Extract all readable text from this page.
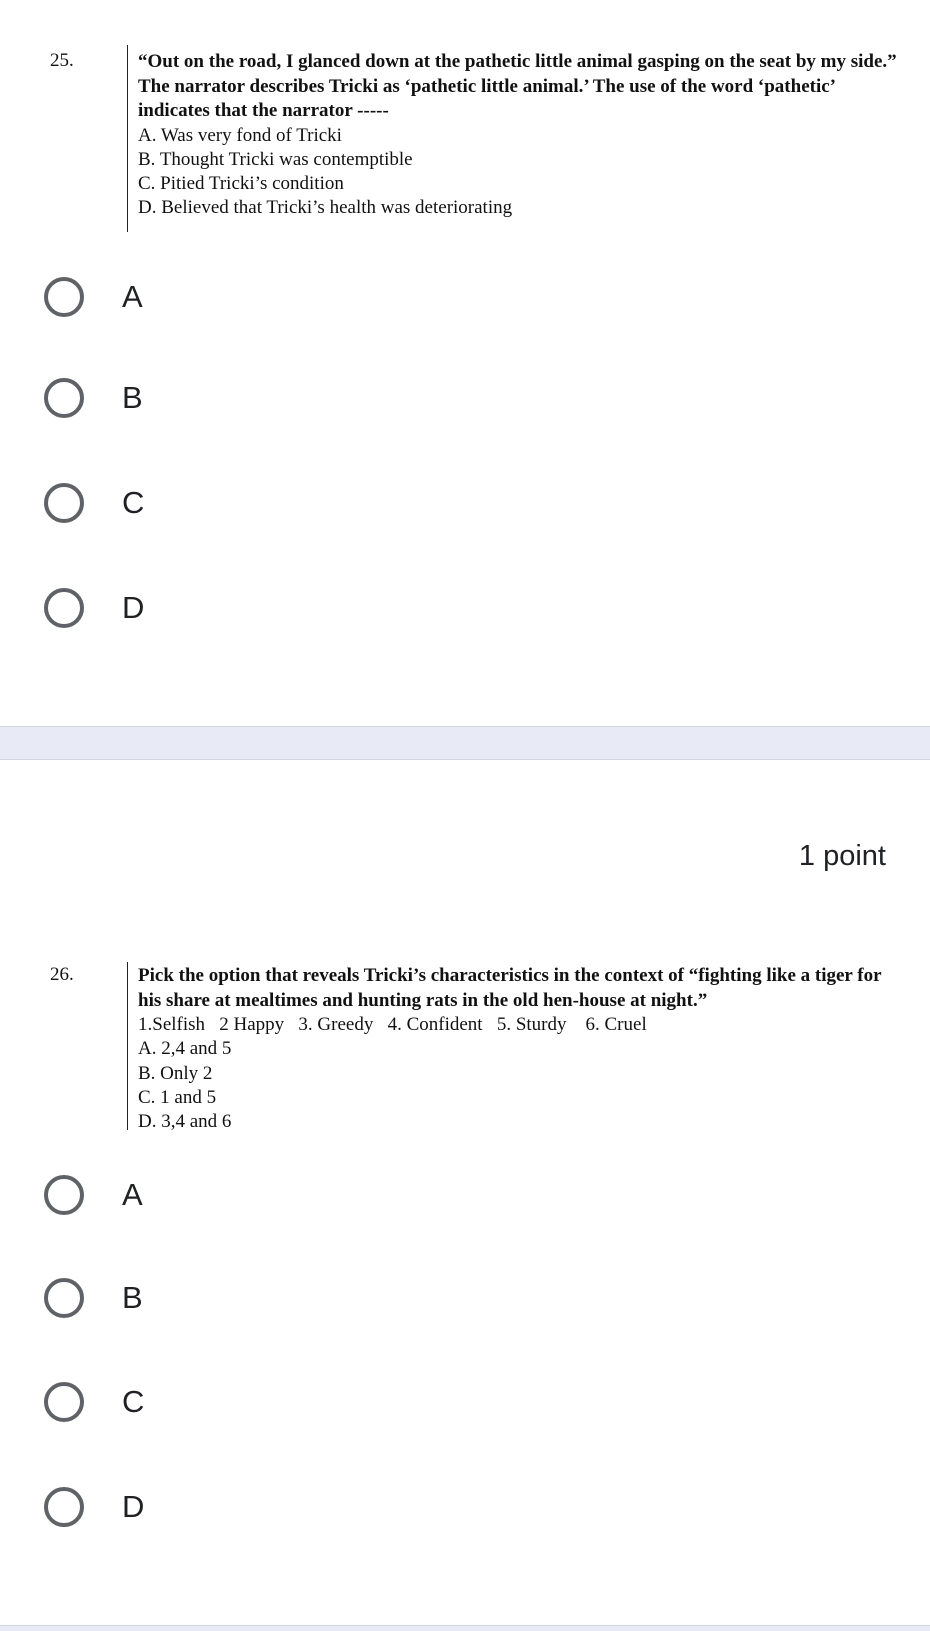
25.	“Out on the road, I glanced down at the pathetic little animal gasping on the seat by my side.” The narrator describes Tricki as ‘pathetic little animal.’ The use of the word ‘pathetic’ indicates that the narrator -----

A. Was very fond of Tricki

B. Thought Tricki was contemptible

C. Pitied Tricki’s condition

D. Believed that Tricki’s health was deteriorating

A
B
C
D
1 point
26.	Pick the option that reveals Tricki’s characteristics in the context of “fighting like a tiger for his share at mealtimes and hunting rats in the old hen-house at night.”

1.Selfish   2 Happy   3. Greedy   4. Confident   5. Sturdy    6. Cruel

A. 2,4 and 5

B. Only 2

C. 1 and 5

D. 3,4 and 6

A
B
C
D
